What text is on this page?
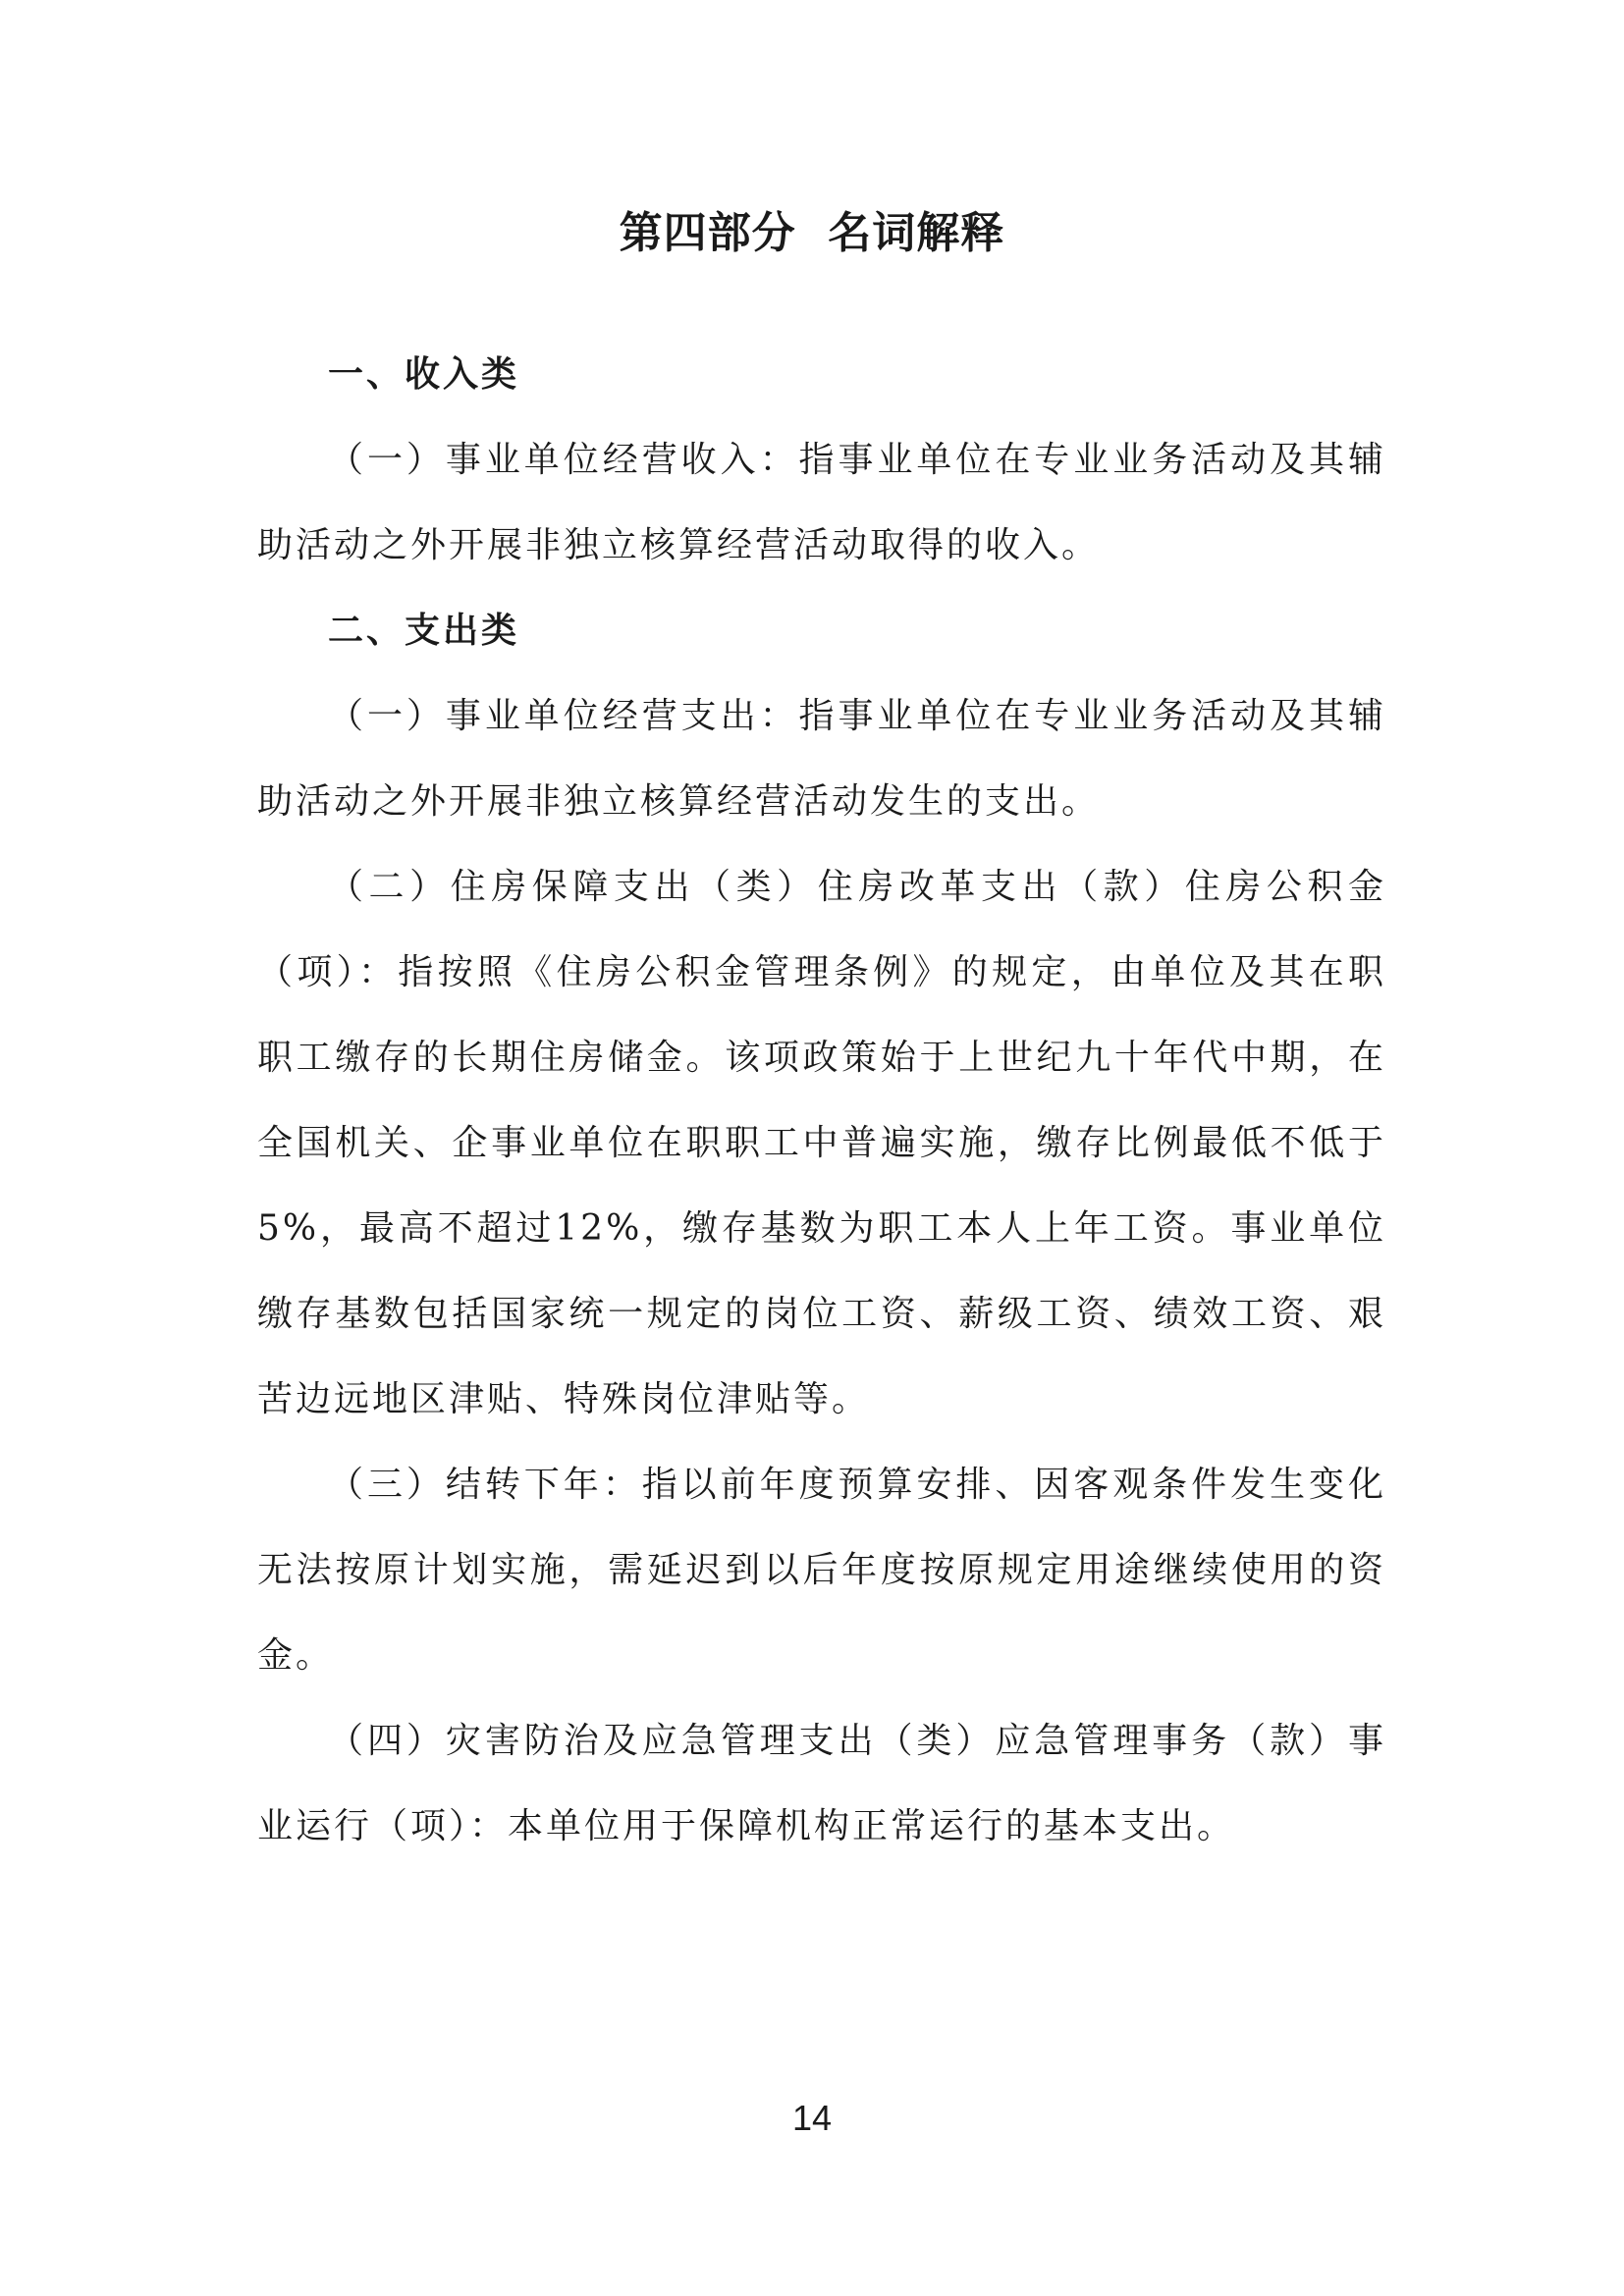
第四部分  名词解释
一、收入类

（一）事业单位经营收入：指事业单位在专业业务活动及其辅助活动之外开展非独立核算经营活动取得的收入。

二、支出类

（一）事业单位经营支出：指事业单位在专业业务活动及其辅助活动之外开展非独立核算经营活动发生的支出。

（二）住房保障支出（类）住房改革支出（款）住房公积金（项）：指按照《住房公积金管理条例》的规定，由单位及其在职职工缴存的长期住房储金。该项政策始于上世纪九十年代中期，在全国机关、企事业单位在职职工中普遍实施，缴存比例最低不低于5%，最高不超过12%，缴存基数为职工本人上年工资。事业单位缴存基数包括国家统一规定的岗位工资、薪级工资、绩效工资、艰苦边远地区津贴、特殊岗位津贴等。

（三）结转下年：指以前年度预算安排、因客观条件发生变化无法按原计划实施，需延迟到以后年度按原规定用途继续使用的资金。

（四）灾害防治及应急管理支出（类）应急管理事务（款）事业运行（项）：本单位用于保障机构正常运行的基本支出。

14
